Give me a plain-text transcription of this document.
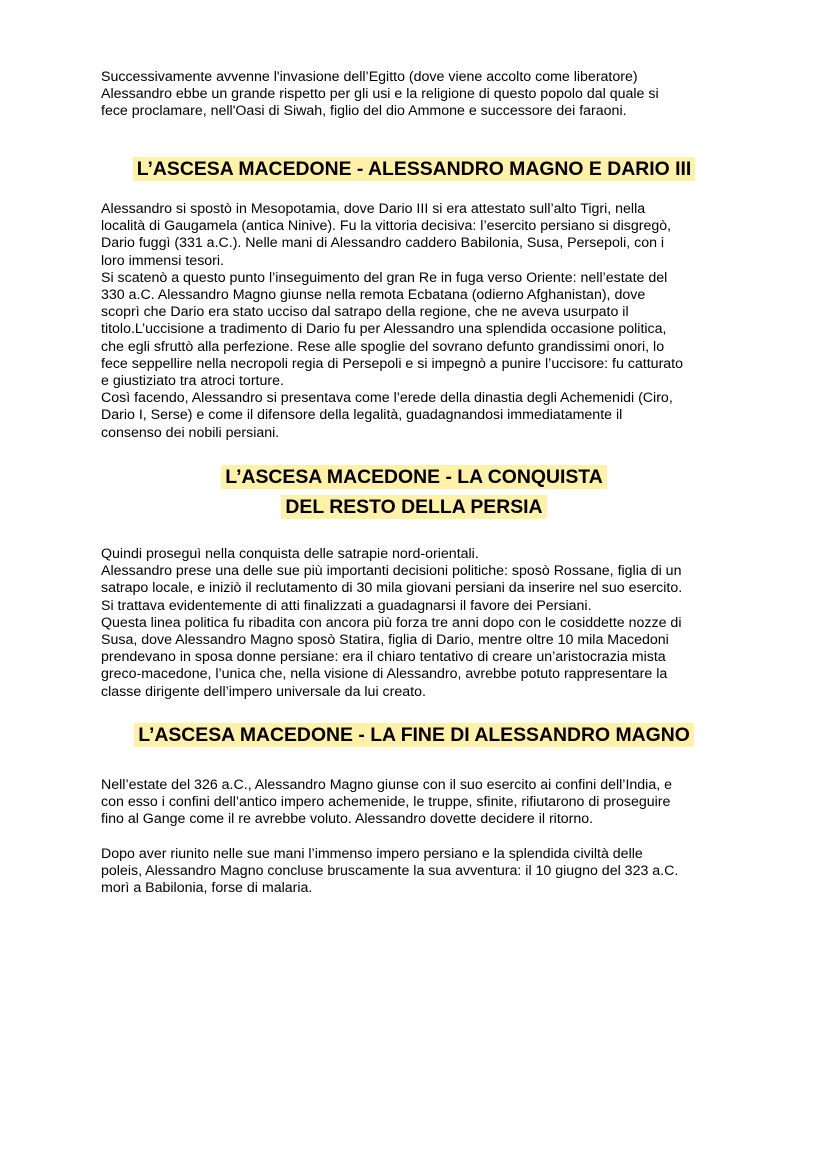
Successivamente avvenne l'invasione dell’Egitto (dove viene accolto come liberatore)
Alessandro ebbe un grande rispetto per gli usi e la religione di questo popolo dal quale si
fece proclamare, nell'Oasi di Siwah, figlio del dio Ammone e successore dei faraoni.
L’ASCESA MACEDONE - ALESSANDRO MAGNO E DARIO III
Alessandro si spostò in Mesopotamia, dove Dario III si era attestato sull’alto Tigri, nella
località di Gaugamela (antica Ninive). Fu la vittoria decisiva: l’esercito persiano si disgregò,
Dario fuggì (331 a.C.). Nelle mani di Alessandro caddero Babilonia, Susa, Persepoli, con i
loro immensi tesori.
Si scatenò a questo punto l’inseguimento del gran Re in fuga verso Oriente: nell’estate del
330 a.C. Alessandro Magno giunse nella remota Ecbatana (odierno Afghanistan), dove
scoprì che Dario era stato ucciso dal satrapo della regione, che ne aveva usurpato il
titolo.L’uccisione a tradimento di Dario fu per Alessandro una splendida occasione politica,
che egli sfruttò alla perfezione. Rese alle spoglie del sovrano defunto grandissimi onori, lo
fece seppellire nella necropoli regia di Persepoli e si impegnò a punire l’uccisore: fu catturato
e giustiziato tra atroci torture.
Così facendo, Alessandro si presentava come l’erede della dinastia degli Achemenidi (Ciro,
Dario I, Serse) e come il difensore della legalità, guadagnandosi immediatamente il
consenso dei nobili persiani.
L’ASCESA MACEDONE - LA CONQUISTA
DEL RESTO DELLA PERSIA
Quindi proseguì nella conquista delle satrapie nord-orientali.
Alessandro prese una delle sue più importanti decisioni politiche: sposò Rossane, figlia di un
satrapo locale, e iniziò il reclutamento di 30 mila giovani persiani da inserire nel suo esercito.
Si trattava evidentemente di atti finalizzati a guadagnarsi il favore dei Persiani.
Questa linea politica fu ribadita con ancora più forza tre anni dopo con le cosiddette nozze di
Susa, dove Alessandro Magno sposò Statira, figlia di Dario, mentre oltre 10 mila Macedoni
prendevano in sposa donne persiane: era il chiaro tentativo di creare un’aristocrazia mista
greco-macedone, l’unica che, nella visione di Alessandro, avrebbe potuto rappresentare la
classe dirigente dell’impero universale da lui creato.
L’ASCESA MACEDONE - LA FINE DI ALESSANDRO MAGNO
Nell’estate del 326 a.C., Alessandro Magno giunse con il suo esercito ai confini dell’India, e
con esso i confini dell’antico impero achemenide, le truppe, sfinite, rifiutarono di proseguire
fino al Gange come il re avrebbe voluto. Alessandro dovette decidere il ritorno.
Dopo aver riunito nelle sue mani l’immenso impero persiano e la splendida civiltà delle
poleis, Alessandro Magno concluse bruscamente la sua avventura: il 10 giugno del 323 a.C.
morì a Babilonia, forse di malaria.
